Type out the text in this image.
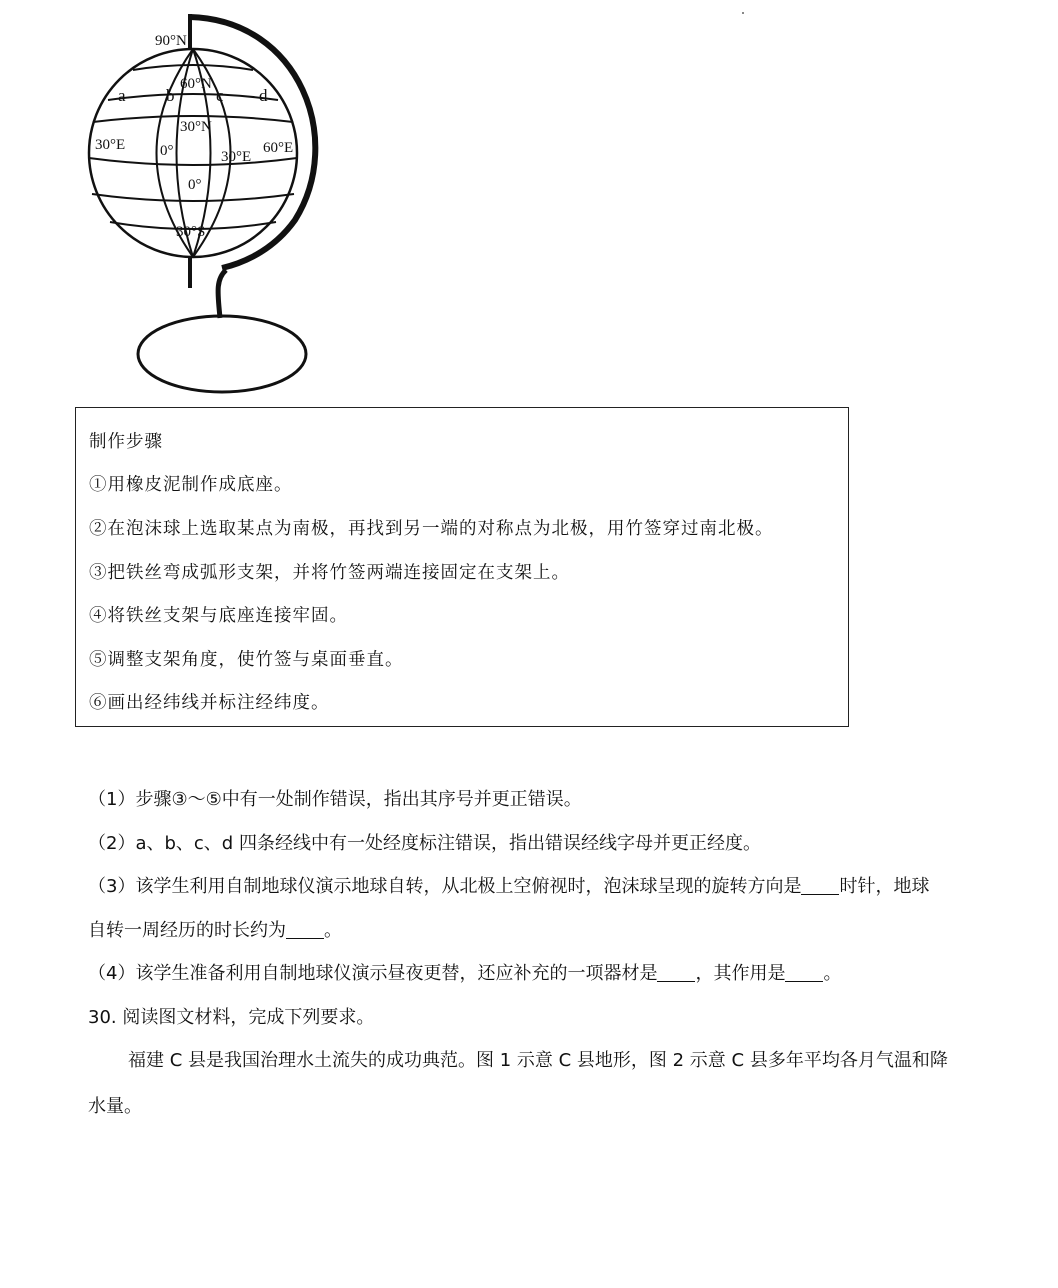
90°N
60°N
a b c d
30°N
30°E 0°	30°E
60°E
0°
30°S
制作步骤
①用橡皮泥制作成底座。
②在泡沫球上选取某点为南极，再找到另一端的对称点为北极，用竹签穿过南北极。
③把铁丝弯成弧形支架，并将竹签两端连接固定在支架上。
④将铁丝支架与底座连接牢固。
⑤调整支架角度，使竹签与桌面垂直。
⑥画出经纬线并标注经纬度。
（1）步骤③～⑤中有一处制作错误，指出其序号并更正错误。
（2）a、b、c、d 四条经线中有一处经度标注错误，指出错误经线字母并更正经度。
（3）该学生利用自制地球仪演示地球自转，从北极上空俯视时，泡沫球呈现的旋转方向是 时针，地球
自转一周经历的时长约为 。
（4）该学生准备利用自制地球仪演示昼夜更替，还应补充的一项器材是 ，其作用是 。
30. 阅读图文材料，完成下列要求。
福建 C 县是我国治理水土流失的成功典范。图 1 示意 C 县地形，图 2 示意 C 县多年平均各月气温和降
水量。
